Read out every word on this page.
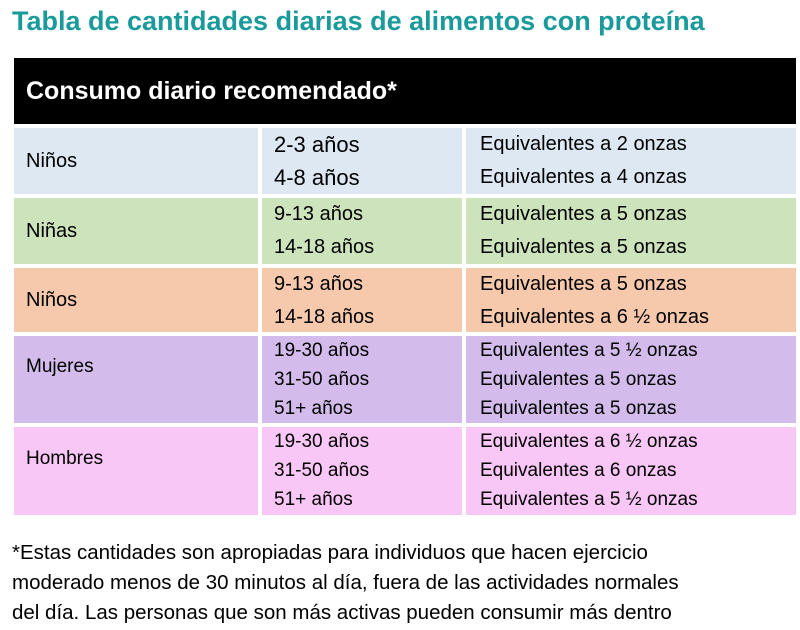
Tabla de cantidades diarias de alimentos con proteína
Consumo diario recomendado*
Niños
2-3 años
4-8 años
Equivalentes a 2 onzas
Equivalentes a 4 onzas
Niñas
9-13 años
14-18 años
Equivalentes a 5 onzas
Equivalentes a 5 onzas
Niños
9-13 años
14-18 años
Equivalentes a 5 onzas
Equivalentes a 6 ½ onzas
Mujeres
19-30 años
31-50 años
51+ años
Equivalentes a 5 ½ onzas
Equivalentes a 5 onzas
Equivalentes a 5 onzas
Hombres
19-30 años
31-50 años
51+ años
Equivalentes a 6 ½ onzas
Equivalentes a 6 onzas
Equivalentes a 5 ½ onzas
*Estas cantidades son apropiadas para individuos que hacen ejercicio
moderado menos de 30 minutos al día, fuera de las actividades normales
del día. Las personas que son más activas pueden consumir más dentro
